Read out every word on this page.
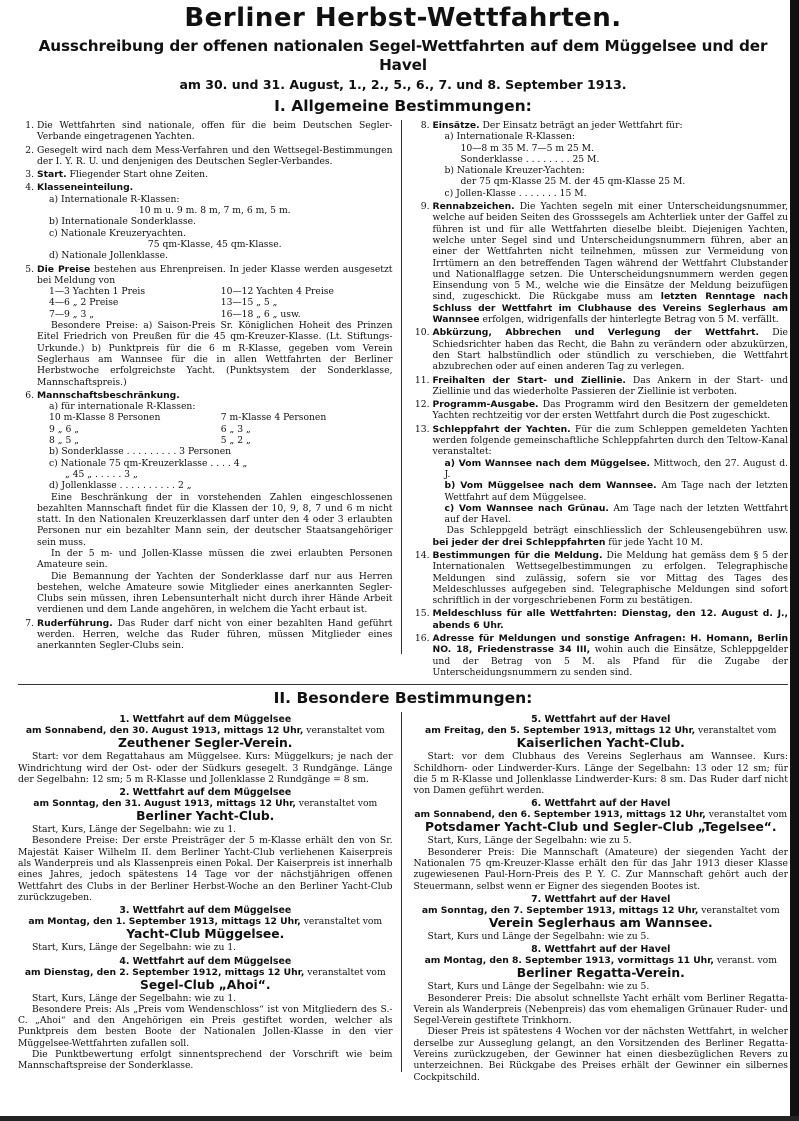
Berliner Herbst-Wettfahrten.
Ausschreibung der offenen nationalen Segel-Wettfahrten auf dem Müggelsee und der Havel
am 30. und 31. August, 1., 2., 5., 6., 7. und 8. September 1913.
I. Allgemeine Bestimmungen:
1. Die Wettfahrten sind nationale, offen für die beim Deutschen Segler-Verbande eingetragenen Yachten.
2. Gesegelt wird nach dem Mess-Verfahren und den Wettsegel-Bestimmungen der I. Y. R. U. und denjenigen des Deutschen Segler-Verbandes.
3. Start. Fliegender Start ohne Zeiten.
4. Klasseneinteilung.
a) Internationale R-Klassen:
10 m u. 9 m. 8 m, 7 m, 6 m, 5 m.
b) Internationale Sonderklasse.
c) Nationale Kreuzeryachten.
75 qm-Klasse, 45 qm-Klasse.
d) Nationale Jollenklasse.
5. Die Preise bestehen aus Ehrenpreisen. In jeder Klasse werden ausgesetzt bei Meldung von
1—3 Yachten 1 Preis	10—12 Yachten 4 Preise
4—6 „ 2 Preise	13—15 „ 5 „
7—9 „ 3 „	16—18 „ 6 „ usw.
Besondere Preise: a) Saison-Preis Sr. Königlichen Hoheit des Prinzen Eitel Friedrich von Preußen für die 45 qm-Kreuzer-Klasse. (Lt. Stiftungs-Urkunde.) b) Punktpreis für die 6 m R-Klasse, gegeben vom Verein Seglerhaus am Wannsee für die in allen Wettfahrten der Berliner Herbstwoche erfolgreichste Yacht. (Punktsystem der Sonderklasse, Mannschaftspreis.)
6. Mannschaftsbeschränkung.
a) für internationale R-Klassen:
10 m-Klasse 8 Personen	7 m-Klasse 4 Personen
9 „ 6 „	6 „ 3 „
8 „ 5 „	5 „ 2 „
b) Sonderklasse . . . . . . . . . 3 Personen
c) Nationale 75 qm-Kreuzerklasse . . . . 4 „
„ 45 „ . . . . . 3 „
d) Jollenklasse . . . . . . . . . . 2 „
Eine Beschränkung der in vorstehenden Zahlen eingeschlossenen bezahlten Mannschaft findet für die Klassen der 10, 9, 8, 7 und 6 m nicht statt. In den Nationalen Kreuzerklassen darf unter den 4 oder 3 erlaubten Personen nur ein bezahlter Mann sein, der deutscher Staatsangehöriger sein muss.
In der 5 m- und Jollen-Klasse müssen die zwei erlaubten Personen Amateure sein.
Die Bemannung der Yachten der Sonderklasse darf nur aus Herren bestehen, welche Amateure sowie Mitglieder eines anerkannten Segler-Clubs sein müssen, ihren Lebensunterhalt nicht durch ihrer Hände Arbeit verdienen und dem Lande angehören, in welchem die Yacht erbaut ist.
7. Ruderführung. Das Ruder darf nicht von einer bezahlten Hand geführt werden. Herren, welche das Ruder führen, müssen Mitglieder eines anerkannten Segler-Clubs sein.
8. Einsätze. Der Einsatz beträgt an jeder Wettfahrt für:
a) Internationale R-Klassen:
10—8 m 35 M. 7—5 m 25 M.
Sonderklasse . . . . . . . . 25 M.
b) Nationale Kreuzer-Yachten:
der 75 qm-Klasse 25 M. der 45 qm-Klasse 25 M.
c) Jollen-Klasse . . . . . . . 15 M.
9. Rennabzeichen. Die Yachten segeln mit einer Unterscheidungsnummer, welche auf beiden Seiten des Grosssegels am Achterliek unter der Gaffel zu führen ist und für alle Wettfahrten dieselbe bleibt. Diejenigen Yachten, welche unter Segel sind und Unterscheidungsnummern führen, aber an einer der Wettfahrten nicht teilnehmen, müssen zur Vermeidung von Irrtümern an den betreffenden Tagen während der Wettfahrt Clubstander und Nationalflagge setzen. Die Unterscheidungsnummern werden gegen Einsendung von 5 M., welche wie die Einsätze der Meldung beizufügen sind, zugeschickt. Die Rückgabe muss am letzten Renntage nach Schluss der Wettfahrt im Clubhause des Vereins Seglerhaus am Wannsee erfolgen, widrigenfalls der hinterlegte Betrag von 5 M. verfällt.
10. Abkürzung, Abbrechen und Verlegung der Wettfahrt. Die Schiedsrichter haben das Recht, die Bahn zu verändern oder abzukürzen, den Start halbstündlich oder stündlich zu verschieben, die Wettfahrt abzubrechen oder auf einen anderen Tag zu verlegen.
11. Freihalten der Start- und Ziellinie. Das Ankern in der Start- und Ziellinie und das wiederholte Passieren der Ziellinie ist verboten.
12. Programm-Ausgabe. Das Programm wird den Besitzern der gemeldeten Yachten rechtzeitig vor der ersten Wettfahrt durch die Post zugeschickt.
13. Schleppfahrt der Yachten. Für die zum Schleppen gemeldeten Yachten werden folgende gemeinschaftliche Schleppfahrten durch den Teltow-Kanal veranstaltet:
a) Vom Wannsee nach dem Müggelsee. Mittwoch, den 27. August d. J.
b) Vom Müggelsee nach dem Wannsee. Am Tage nach der letzten Wettfahrt auf dem Müggelsee.
c) Vom Wannsee nach Grünau. Am Tage nach der letzten Wettfahrt auf der Havel.
Das Schleppgeld beträgt einschliesslich der Schleusengebühren usw. bei jeder der drei Schleppfahrten für jede Yacht 10 M.
14. Bestimmungen für die Meldung. Die Meldung hat gemäss dem § 5 der Internationalen Wettsegelbestimmungen zu erfolgen. Telegraphische Meldungen sind zulässig, sofern sie vor Mittag des Tages des Meldeschlusses aufgegeben sind. Telegraphische Meldungen sind sofort schriftlich in der vorgeschriebenen Form zu bestätigen.
15. Meldeschluss für alle Wettfahrten: Dienstag, den 12. August d. J., abends 6 Uhr.
16. Adresse für Meldungen und sonstige Anfragen: H. Homann, Berlin NO. 18, Friedenstrasse 34 III, wohin auch die Einsätze, Schleppgelder und der Betrag von 5 M. als Pfand für die Zugabe der Unterscheidungsnummern zu senden sind.
II. Besondere Bestimmungen:
1. Wettfahrt auf dem Müggelsee
am Sonnabend, den 30. August 1913, mittags 12 Uhr, veranstaltet vom
Zeuthener Segler-Verein.
Start: vor dem Regattahaus am Müggelsee. Kurs: Müggelkurs; je nach der Windrichtung wird der Ost- oder der Südkurs gesegelt. 3 Rundgänge. Länge der Segelbahn: 12 sm; 5 m R-Klasse und Jollenklasse 2 Rundgänge = 8 sm.
2. Wettfahrt auf dem Müggelsee
am Sonntag, den 31. August 1913, mittags 12 Uhr, veranstaltet vom
Berliner Yacht-Club.
Start, Kurs, Länge der Segelbahn: wie zu 1.
Besondere Preise: Der erste Preisträger der 5 m-Klasse erhält den von Sr. Majestät Kaiser Wilhelm II. dem Berliner Yacht-Club verliehenen Kaiserpreis als Wanderpreis und als Klassenpreis einen Pokal. Der Kaiserpreis ist innerhalb eines Jahres, jedoch spätestens 14 Tage vor der nächstjährigen offenen Wettfahrt des Clubs in der Berliner Herbst-Woche an den Berliner Yacht-Club zurückzugeben.
3. Wettfahrt auf dem Müggelsee
am Montag, den 1. September 1913, mittags 12 Uhr, veranstaltet vom
Yacht-Club Müggelsee.
Start, Kurs, Länge der Segelbahn: wie zu 1.
4. Wettfahrt auf dem Müggelsee
am Dienstag, den 2. September 1912, mittags 12 Uhr, veranstaltet vom
Segel-Club „Ahoi“.
Start, Kurs, Länge der Segelbahn: wie zu 1.
Besondere Preis: Als „Preis vom Wendenschloss“ ist von Mitgliedern des S.-C. „Ahoi“ and den Angehörigen ein Preis gestiftet worden, welcher als Punktpreis dem besten Boote der Nationalen Jollen-Klasse in den vier Müggelsee-Wettfahrten zufallen soll.
Die Punktbewertung erfolgt sinnentsprechend der Vorschrift wie beim Mannschaftspreise der Sonderklasse.
5. Wettfahrt auf der Havel
am Freitag, den 5. September 1913, mittags 12 Uhr, veranstaltet vom
Kaiserlichen Yacht-Club.
Start: vor dem Clubhaus des Vereins Seglerhaus am Wannsee. Kurs: Schildhorn- oder Lindwerder-Kurs. Länge der Segelbahn: 13 oder 12 sm; für die 5 m R-Klasse und Jollenklasse Lindwerder-Kurs: 8 sm. Das Ruder darf nicht von Damen geführt werden.
6. Wettfahrt auf der Havel
am Sonnabend, den 6. September 1913, mittags 12 Uhr, veranstaltet vom
Potsdamer Yacht-Club und Segler-Club „Tegelsee“.
Start, Kurs, Länge der Segelbahn: wie zu 5.
Besonderer Preis: Die Mannschaft (Amateure) der siegenden Yacht der Nationalen 75 qm-Kreuzer-Klasse erhält den für das Jahr 1913 dieser Klasse zugewiesenen Paul-Horn-Preis des P. Y. C. Zur Mannschaft gehört auch der Steuermann, selbst wenn er Eigner des siegenden Bootes ist.
7. Wettfahrt auf der Havel
am Sonntag, den 7. September 1913, mittags 12 Uhr, veranstaltet vom
Verein Seglerhaus am Wannsee.
Start, Kurs und Länge der Segelbahn: wie zu 5.
8. Wettfahrt auf der Havel
am Montag, den 8. September 1913, vormittags 11 Uhr, veranst. vom
Berliner Regatta-Verein.
Start, Kurs und Länge der Segelbahn: wie zu 5.
Besonderer Preis: Die absolut schnellste Yacht erhält vom Berliner Regatta-Verein als Wanderpreis (Nebenpreis) das vom ehemaligen Grünauer Ruder- und Segel-Verein gestiftete Trinkhorn.
Dieser Preis ist spätestens 4 Wochen vor der nächsten Wettfahrt, in welcher derselbe zur Ausseglung gelangt, an den Vorsitzenden des Berliner Regatta-Vereins zurückzugeben, der Gewinner hat einen diesbezüglichen Revers zu unterzeichnen. Bei Rückgabe des Preises erhält der Gewinner ein silbernes Cockpitschild.
